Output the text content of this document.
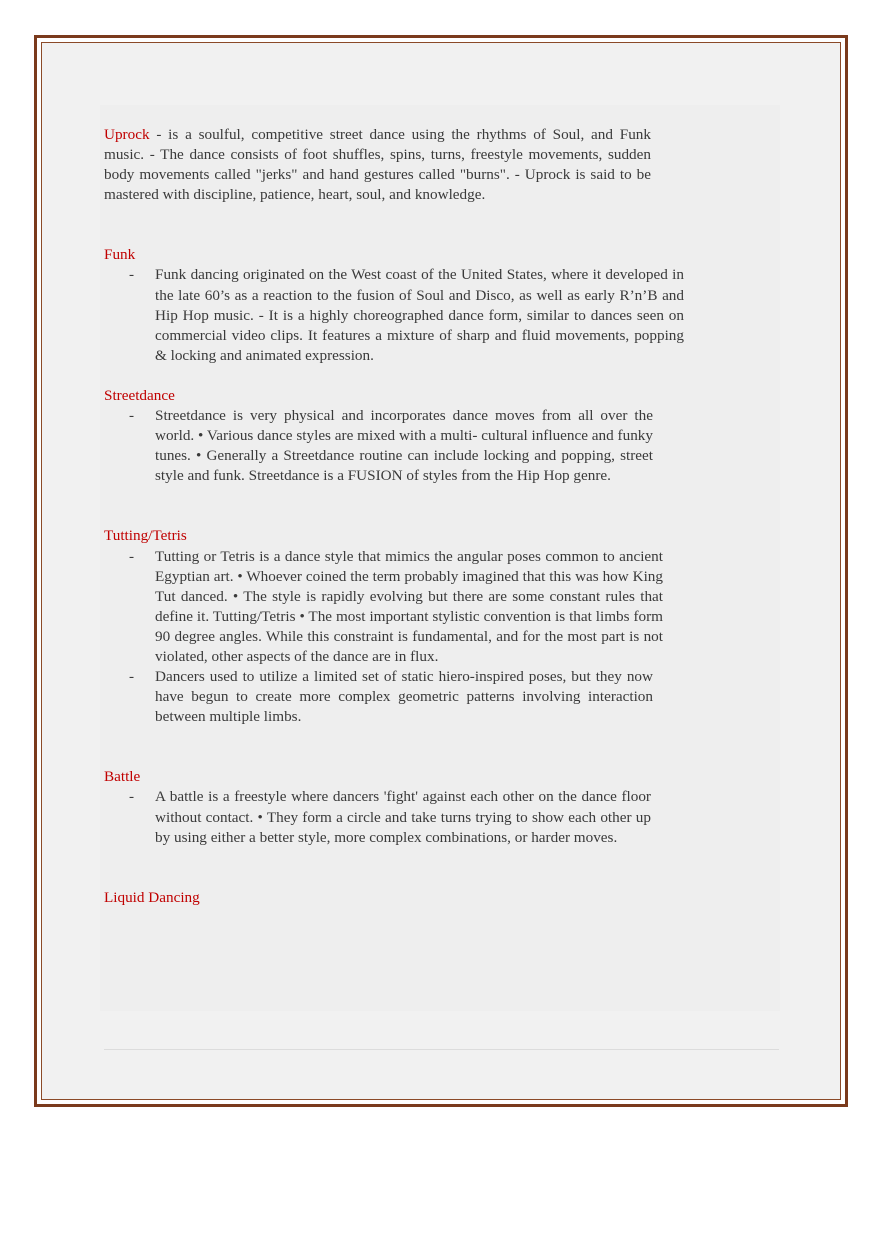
Uprock - is a soulful, competitive street dance using the rhythms of Soul, and Funk music. - The dance consists of foot shuffles, spins, turns, freestyle movements, sudden body movements called "jerks" and hand gestures called "burns". - Uprock is said to be mastered with discipline, patience, heart, soul, and knowledge.

Funk

- Funk dancing originated on the West coast of the United States, where it developed in the late 60’s as a reaction to the fusion of Soul and Disco, as well as early R’n’B and Hip Hop music. - It is a highly choreographed dance form, similar to dances seen on commercial video clips. It features a mixture of sharp and fluid movements, popping & locking and animated expression.

Streetdance

- Streetdance is very physical and incorporates dance moves from all over the world. • Various dance styles are mixed with a multi- cultural influence and funky tunes. • Generally a Streetdance routine can include locking and popping, street style and funk. Streetdance is a FUSION of styles from the Hip Hop genre.

Tutting/Tetris

- Tutting or Tetris is a dance style that mimics the angular poses common to ancient Egyptian art. • Whoever coined the term probably imagined that this was how King Tut danced. • The style is rapidly evolving but there are some constant rules that define it. Tutting/Tetris • The most important stylistic convention is that limbs form 90 degree angles. While this constraint is fundamental, and for the most part is not violated, other aspects of the dance are in flux.
- Dancers used to utilize a limited set of static hiero-inspired poses, but they now have begun to create more complex geometric patterns involving interaction between multiple limbs.

Battle

- A battle is a freestyle where dancers 'fight' against each other on the dance floor without contact. • They form a circle and take turns trying to show each other up by using either a better style, more complex combinations, or harder moves.

Liquid Dancing
